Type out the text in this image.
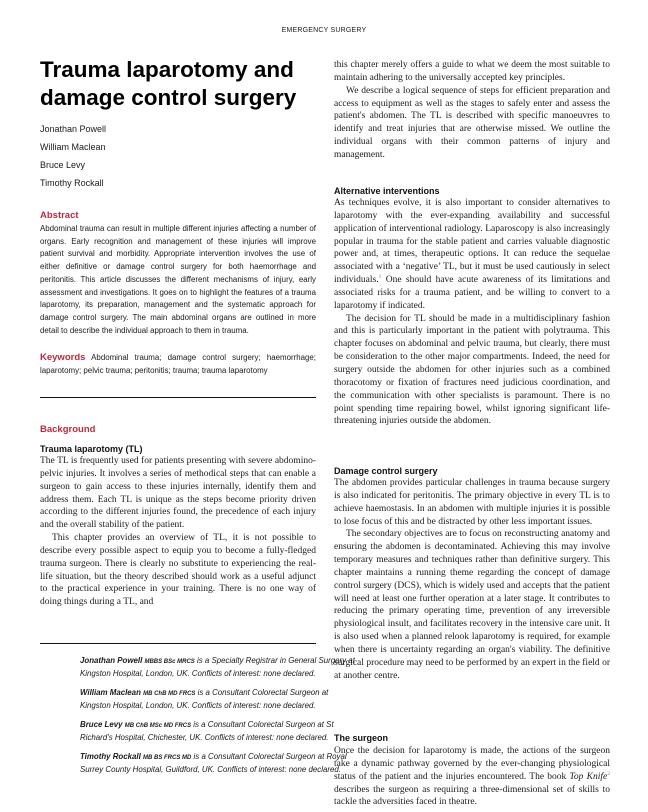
EMERGENCY SURGERY
Trauma laparotomy and damage control surgery
Jonathan Powell
William Maclean
Bruce Levy
Timothy Rockall
Abstract
Abdominal trauma can result in multiple different injuries affecting a number of organs. Early recognition and management of these injuries will improve patient survival and morbidity. Appropriate intervention involves the use of either definitive or damage control surgery for both haemorrhage and peritonitis. This article discusses the different mechanisms of injury, early assessment and investigations. It goes on to highlight the features of a trauma laparotomy, its preparation, management and the systematic approach for damage control surgery. The main abdominal organs are outlined in more detail to describe the individual approach to them in trauma.
Keywords Abdominal trauma; damage control surgery; haemorrhage; laparotomy; pelvic trauma; peritonitis; trauma; trauma laparotomy
Background
Trauma laparotomy (TL)

The TL is frequently used for patients presenting with severe abdomino-pelvic injuries. It involves a series of methodical steps that can enable a surgeon to gain access to these injuries internally, identify them and address them. Each TL is unique as the steps become priority driven according to the different injuries found, the precedence of each injury and the overall stability of the patient.

This chapter provides an overview of TL, it is not possible to describe every possible aspect to equip you to become a fully-fledged trauma surgeon. There is clearly no substitute to experiencing the real-life situation, but the theory described should work as a useful adjunct to the practical experience in your training. There is no one way of doing things during a TL, and

Jonathan Powell MBBS BSc MRCS is a Specialty Registrar in General Surgery at Kingston Hospital, London, UK. Conflicts of interest: none declared.
William Maclean MB ChB MD FRCS is a Consultant Colorectal Surgeon at Kingston Hospital, London, UK. Conflicts of interest: none declared.
Bruce Levy MB ChB MSc MD FRCS is a Consultant Colorectal Surgeon at St Richard's Hospital, Chichester, UK. Conflicts of interest: none declared.
Timothy Rockall MB BS FRCS MD is a Consultant Colorectal Surgeon at Royal Surrey County Hospital, Guildford, UK. Conflicts of interest: none declared.

this chapter merely offers a guide to what we deem the most suitable to maintain adhering to the universally accepted key principles.

We describe a logical sequence of steps for efficient preparation and access to equipment as well as the stages to safely enter and assess the patient's abdomen. The TL is described with specific manoeuvres to identify and treat injuries that are otherwise missed. We outline the individual organs with their common patterns of injury and management.

Alternative interventions

As techniques evolve, it is also important to consider alternatives to laparotomy with the ever-expanding availability and successful application of interventional radiology. Laparoscopy is also increasingly popular in trauma for the stable patient and carries valuable diagnostic power and, at times, therapeutic options. It can reduce the sequelae associated with a ‘negative’ TL, but it must be used cautiously in select individuals.$^1$ One should have acute awareness of its limitations and associated risks for a trauma patient, and be willing to convert to a laparotomy if indicated.

The decision for TL should be made in a multidisciplinary fashion and this is particularly important in the patient with polytrauma. This chapter focuses on abdominal and pelvic trauma, but clearly, there must be consideration to the other major compartments. Indeed, the need for surgery outside the abdomen for other injuries such as a combined thoracotomy or fixation of fractures need judicious coordination, and the communication with other specialists is paramount. There is no point spending time repairing bowel, whilst ignoring significant life-threatening injuries outside the abdomen.

Damage control surgery

The abdomen provides particular challenges in trauma because surgery is also indicated for peritonitis. The primary objective in every TL is to achieve haemostasis. In an abdomen with multiple injuries it is possible to lose focus of this and be distracted by other less important issues.

The secondary objectives are to focus on reconstructing anatomy and ensuring the abdomen is decontaminated. Achieving this may involve temporary measures and techniques rather than definitive surgery. This chapter maintains a running theme regarding the concept of damage control surgery (DCS), which is widely used and accepts that the patient will need at least one further operation at a later stage. It contributes to reducing the primary operating time, prevention of any irreversible physiological insult, and facilitates recovery in the intensive care unit. It is also used when a planned relook laparotomy is required, for example when there is uncertainty regarding an organ's viability. The definitive surgical procedure may need to be performed by an expert in the field or at another centre.

The surgeon

Once the decision for laparotomy is made, the actions of the surgeon take a dynamic pathway governed by the ever-changing physiological status of the patient and the injuries encountered. The book Top Knife$^2$ describes the surgeon as requiring a three-dimensional set of skills to tackle the adversities faced in theatre.
